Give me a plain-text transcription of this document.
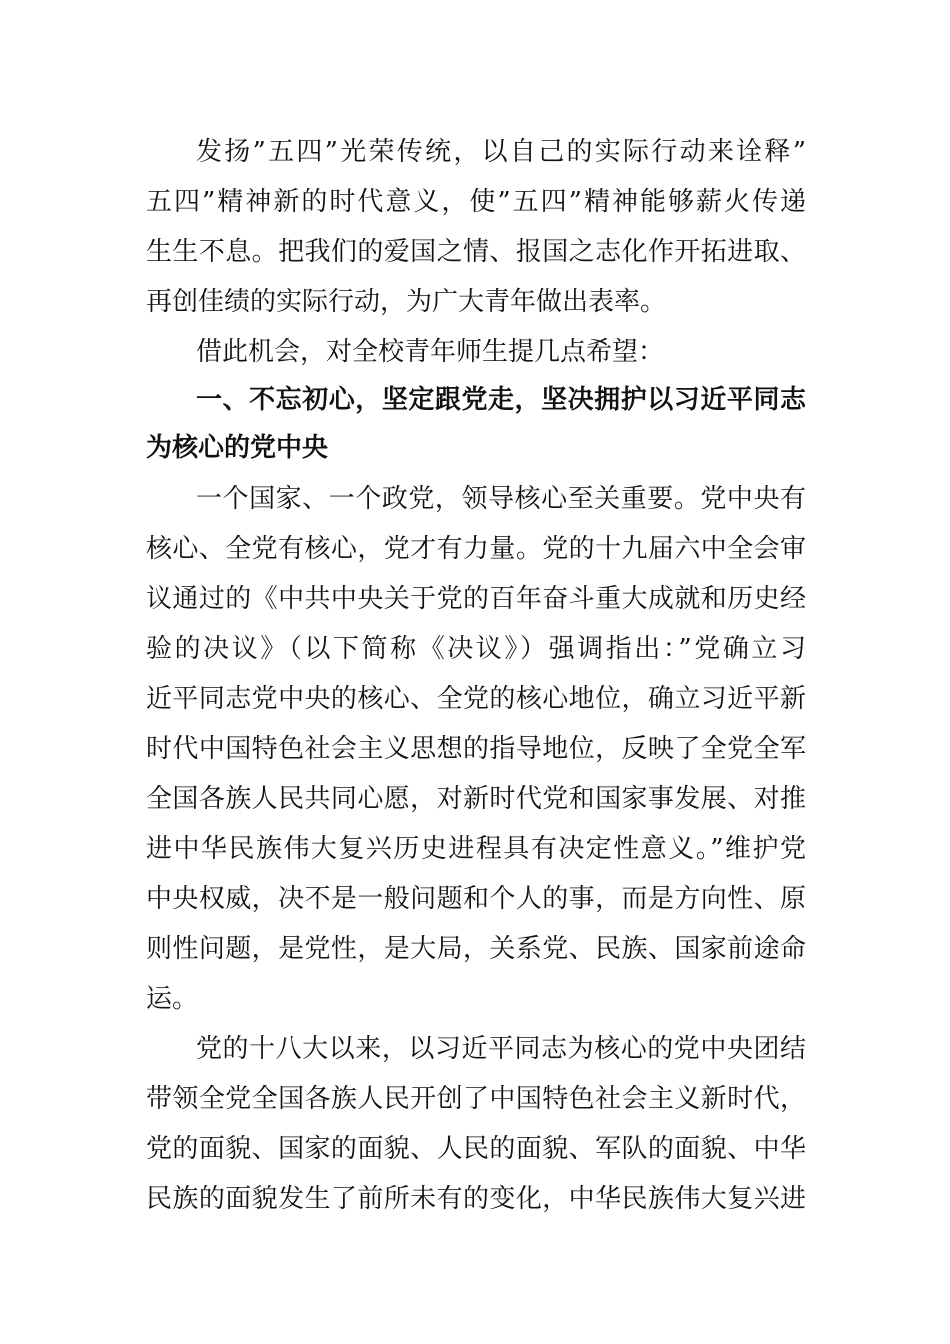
发扬”五四”光荣传统，以自己的实际行动来诠释”
五四”精神新的时代意义，使”五四”精神能够薪火传递
生生不息。把我们的爱国之情、报国之志化作开拓进取、
再创佳绩的实际行动，为广大青年做出表率。
借此机会，对全校青年师生提几点希望：
一、不忘初心，坚定跟党走，坚决拥护以习近平同志
为核心的党中央
一个国家、一个政党，领导核心至关重要。党中央有
核心、全党有核心，党才有力量。党的十九届六中全会审
议通过的《中共中央关于党的百年奋斗重大成就和历史经
验的决议》（以下简称《决议》）强调指出：”党确立习
近平同志党中央的核心、全党的核心地位，确立习近平新
时代中国特色社会主义思想的指导地位，反映了全党全军
全国各族人民共同心愿，对新时代党和国家事发展、对推
进中华民族伟大复兴历史进程具有决定性意义。”维护党
中央权威，决不是一般问题和个人的事，而是方向性、原
则性问题，是党性，是大局，关系党、民族、国家前途命
运。
党的十八大以来，以习近平同志为核心的党中央团结
带领全党全国各族人民开创了中国特色社会主义新时代，
党的面貌、国家的面貌、人民的面貌、军队的面貌、中华
民族的面貌发生了前所未有的变化，中华民族伟大复兴进
